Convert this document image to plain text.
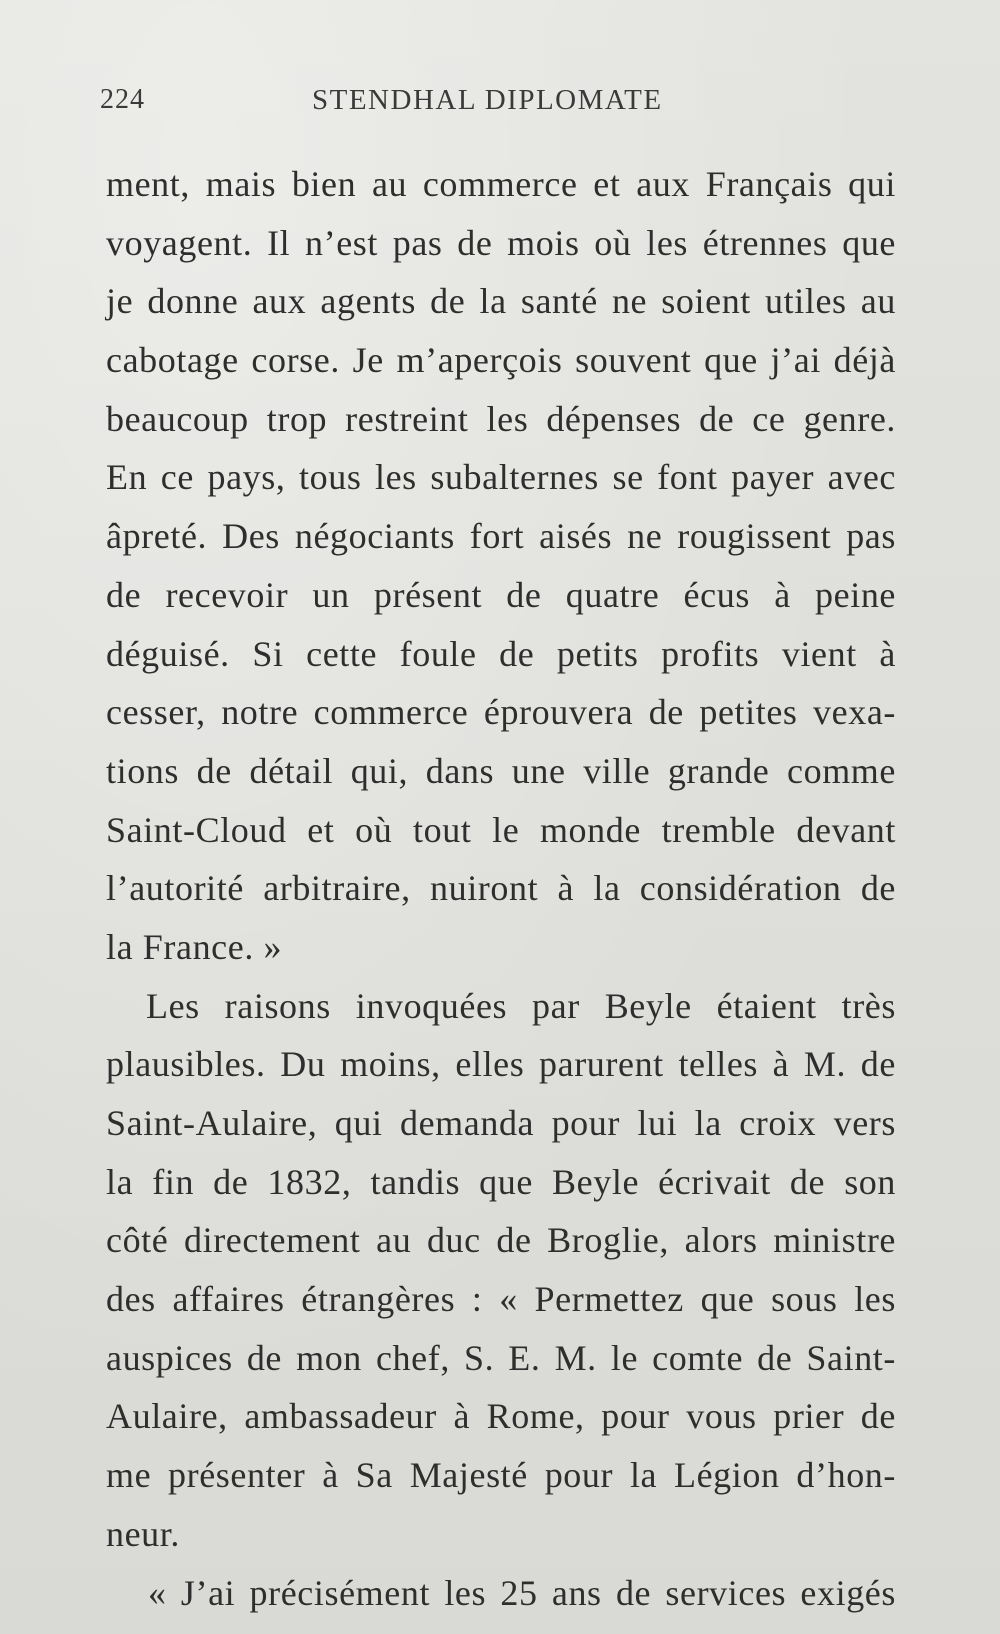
224	STENDHAL DIPLOMATE
ment, mais bien au commerce et aux Français qui
voyagent. Il n’est pas de mois où les étrennes que
je donne aux agents de la santé ne soient utiles au
cabotage corse. Je m’aperçois souvent que j’ai déjà
beaucoup trop restreint les dépenses de ce genre.
En ce pays, tous les subalternes se font payer avec
âpreté. Des négociants fort aisés ne rougissent pas
de recevoir un présent de quatre écus à peine
déguisé. Si cette foule de petits profits vient à
cesser, notre commerce éprouvera de petites vexa-
tions de détail qui, dans une ville grande comme
Saint-Cloud et où tout le monde tremble devant
l’autorité arbitraire, nuiront à la considération de
la France. »
Les raisons invoquées par Beyle étaient très
plausibles. Du moins, elles parurent telles à M. de
Saint-Aulaire, qui demanda pour lui la croix vers
la fin de 1832, tandis que Beyle écrivait de son
côté directement au duc de Broglie, alors ministre
des affaires étrangères : « Permettez que sous les
auspices de mon chef, S. E. M. le comte de Saint-
Aulaire, ambassadeur à Rome, pour vous prier de
me présenter à Sa Majesté pour la Légion d’hon-
neur.
« J’ai précisément les 25 ans de services exigés
